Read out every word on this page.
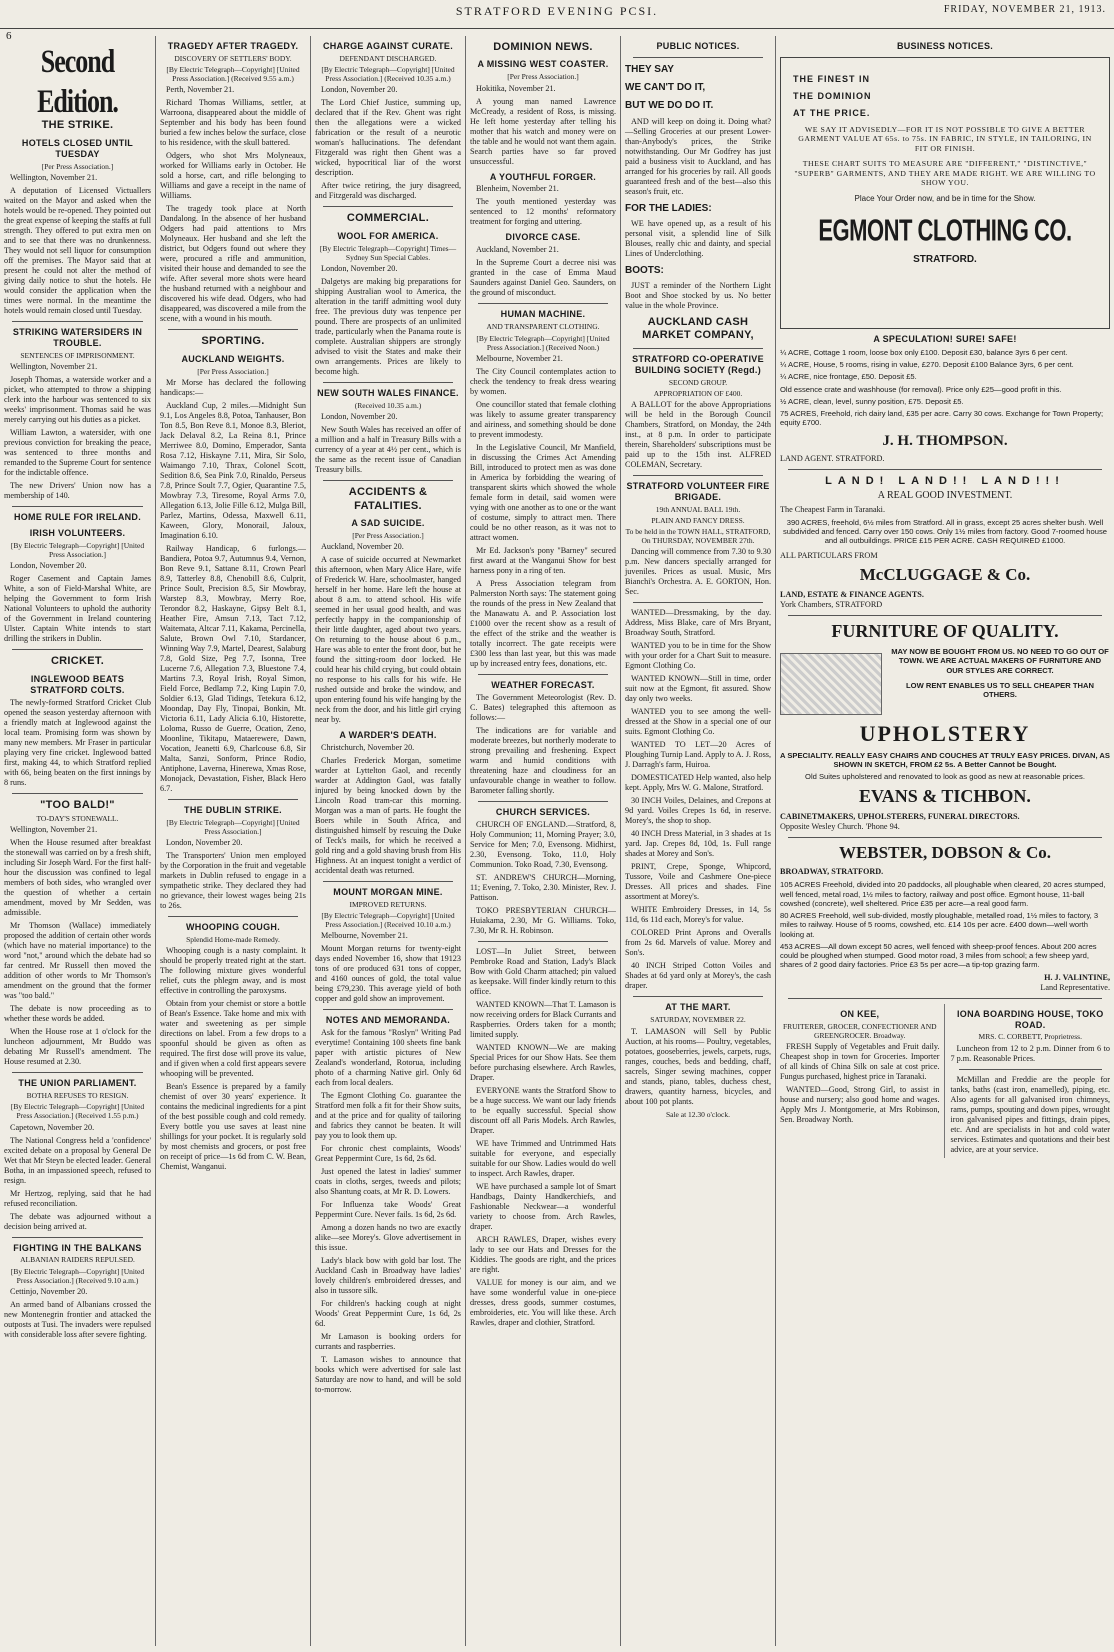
6
STRATFORD EVENING PCSI.	FRIDAY, NOVEMBER 21, 1913.
Second Edition.
THE STRIKE.
HOTELS CLOSED UNTIL TUESDAY
[Per Press Association.]

Wellington, November 21.

A deputation of Licensed Victuallers waited on the Mayor and asked when the hotels would be re-opened. They pointed out the great expense of keeping the staffs at full strength. They offered to put extra men on and to see that there was no drunkenness. They would not sell liquor for consumption off the premises. The Mayor said that at present he could not alter the method of giving daily notice to shut the hotels. He would consider the application when the times were normal. In the meantime the hotels would remain closed until Tuesday.

STRIKING WATERSIDERS IN TROUBLE.
SENTENCES OF IMPRISONMENT.

Wellington, November 21.

Joseph Thomas, a waterside worker and a picket, who attempted to throw a shipping clerk into the harbour was sentenced to six weeks' imprisonment. Thomas said he was merely carrying out his duties as a picket.

William Lawton, a watersider, with one previous conviction for breaking the peace, was sentenced to three months and remanded to the Supreme Court for sentence for the indictable offence.

The new Drivers' Union now has a membership of 140.

HOME RULE FOR IRELAND.
IRISH VOLUNTEERS.
[By Electric Telegraph—Copyright] [United Press Association.]

London, November 20.

Roger Casement and Captain James White, a son of Field-Marshal White, are helping the Government to form Irish National Volunteers to uphold the authority of the Government in Ireland countering Ulster. Captain White intends to start drilling the strikers in Dublin.

CRICKET.
INGLEWOOD BEATS STRATFORD COLTS.

The newly-formed Stratford Cricket Club opened the season yesterday afternoon with a friendly match at Inglewood against the local team. Promising form was shown by many new members. Mr Fraser in particular playing very fine cricket. Inglewood batted first, making 44, to which Stratford replied with 66, being beaten on the first innings by 8 runs.

"TOO BALD!"
TO-DAY'S STONEWALL.

Wellington, November 21.

When the House resumed after breakfast the stonewall was carried on by a fresh shift, including Sir Joseph Ward. For the first half-hour the discussion was confined to legal members of both sides, who wrangled over the question of whether a certain amendment, moved by Mr Sedden, was admissible.

Mr Thomson (Wallace) immediately proposed the addition of certain other words (which have no material importance) to the word "not," around which the debate had so far centred. Mr Russell then moved the addition of other words to Mr Thomson's amendment on the ground that the former was "too bald."

The debate is now proceeding as to whether these words be added.

When the House rose at 1 o'clock for the luncheon adjournment, Mr Buddo was debating Mr Russell's amendment. The House resumed at 2.30.

THE UNION PARLIAMENT.
BOTHA REFUSES TO RESIGN.
[By Electric Telegraph—Copyright] [United Press Association.] (Received 1.55 p.m.)

Capetown, November 20.

The National Congress held a 'confidence' excited debate on a proposal by General De Wet that Mr Steyn be elected leader. General Botha, in an impassioned speech, refused to resign.

Mr Hertzog, replying, said that he had refused reconciliation.

The debate was adjourned without a decision being arrived at.

FIGHTING IN THE BALKANS
ALBANIAN RAIDERS REPULSED.
[By Electric Telegraph—Copyright] [United Press Association.] (Received 9.10 a.m.)

Cettinjo, November 20.

An armed band of Albanians crossed the new Montenegrin frontier and attacked the outposts at Tusi. The invaders were repulsed with considerable loss after severe fighting.

TRAGEDY AFTER TRAGEDY.
DISCOVERY OF SETTLERS' BODY.
[By Electric Telegraph—Copyright] [United Press Association.] (Received 9.55 a.m.)

Perth, November 21.

Richard Thomas Williams, settler, at Warroona, disappeared about the middle of September and his body has been found buried a few inches below the surface, close to his residence, with the skull battered.

Odgers, who shot Mrs Molyneaux, worked for Williams early in October. He sold a horse, cart, and rifle belonging to Williams and gave a receipt in the name of Williams.

The tragedy took place at North Dandalong. In the absence of her husband Odgers had paid attentions to Mrs Molyneaux. Her husband and she left the district, but Odgers found out where they were, procured a rifle and ammunition, visited their house and demanded to see the wife. After several more shots were heard the husband returned with a neighbour and discovered his wife dead. Odgers, who had disappeared, was discovered a mile from the scene, with a wound in his mouth.

SPORTING.
AUCKLAND WEIGHTS.
[Per Press Association.]

Mr Morse has declared the following handicaps:—

Auckland Cup, 2 miles.—Midnight Sun 9.1, Los Angeles 8.8, Potoa, Tanhauser, Bon Ton 8.5, Bon Reve 8.1, Monoe 8.3, Bleriot, Jack Delaval 8.2, La Reina 8.1, Prince Merriwee 8.0, Domino, Emperador, Santa Rosa 7.12, Hiskayne 7.11, Mira, Sir Solo, Waimango 7.10, Thrax, Colonel Scott, Sedition 8.6, Sea Pink 7.0, Rinaldo, Perseus 7.8, Prince Soult 7.7, Ogier, Quarantine 7.5, Mowbray 7.3, Tiresome, Royal Arms 7.0, Allegation 6.13, Jolie Fille 6.12, Mulga Bill, Parlez, Martins, Odessa, Maxwell 6.11, Kaween, Glory, Monorail, Jaloux, Imagination 6.10.

Railway Handicap, 6 furlongs.—Bandiera, Potoa 9.7, Autumnus 9.4, Vernon, Bon Reve 9.1, Sattane 8.11, Crown Pearl 8.9, Tatterley 8.8, Chenobill 8.6, Culprit, Prince Soult, Precision 8.5, Sir Mowbray, Warstep 8.3, Mowbray, Merry Roe, Terondor 8.2, Haskayne, Gipsy Belt 8.1, Heather Fire, Amsun 7.13, Tact 7.12, Waitemata, Altcar 7.11, Kakama, Percinella, Salute, Brown Owl 7.10, Stardancer, Winning Way 7.9, Martel, Dearest, Salaburg 7.8, Gold Size, Peg 7.7, Isonna, Tree Lucerne 7.6, Allegation 7.3, Bluestone 7.4, Martins 7.3, Royal Irish, Royal Simon, Field Force, Bedlamp 7.2, King Lupin 7.0, Soldier 6.13, Glad Tidings, Tetekura 6.12, Moondap, Day Fly, Tinopai, Bonkin, Mt. Victoria 6.11, Lady Alicia 6.10, Historette, Loloma, Russo de Guerre, Ocation, Zeno, Moonline, Tikitapu, Mataerewere, Dawn, Vocation, Jeanetti 6.9, Charlcouse 6.8, Sir Malta, Sanzi, Sonform, Prince Rodio, Antiphone, Laverna, Hinerewa, Xmas Rose, Monojack, Devastation, Fisher, Black Hero 6.7.

THE DUBLIN STRIKE.
[By Electric Telegraph—Copyright] [United Press Association.]

London, November 20.

The Transporters' Union men employed by the Corporation in the fruit and vegetable markets in Dublin refused to engage in a sympathetic strike. They declared they had no grievance, their lowest wages being 21s to 26s.

WHOOPING COUGH.
Splendid Home-made Remedy.

Whooping cough is a nasty complaint. It should be properly treated right at the start. The following mixture gives wonderful relief, cuts the phlegm away, and is most effective in controlling the paroxysms.

Obtain from your chemist or store a bottle of Bean's Essence. Take home and mix with water and sweetening as per simple directions on label. From a few drops to a spoonful should be given as often as required. The first dose will prove its value, and if given when a cold first appears severe whooping will be prevented.

Bean's Essence is prepared by a family chemist of over 30 years' experience. It contains the medicinal ingredients for a pint of the best possible cough and cold remedy. Every bottle you use saves at least nine shillings for your pocket. It is regularly sold by most chemists and grocers, or post free on receipt of price—1s 6d from C. W. Bean, Chemist, Wanganui.

CHARGE AGAINST CURATE.
DEFENDANT DISCHARGED.
[By Electric Telegraph—Copyright] [United Press Association.] (Received 10.35 a.m.)

London, November 20.

The Lord Chief Justice, summing up, declared that if the Rev. Ghent was right then the allegations were a wicked fabrication or the result of a neurotic woman's hallucinations. The defendant Fitzgerald was right then Ghent was a wicked, hypocritical liar of the worst description.

After twice retiring, the jury disagreed, and Fitzgerald was discharged.

COMMERCIAL.
WOOL FOR AMERICA.
[By Electric Telegraph—Copyright] Times—Sydney Sun Special Cables.

London, November 20.

Dalgetys are making big preparations for shipping Australian wool to America, the alteration in the tariff admitting wool duty free. The previous duty was tenpence per pound. There are prospects of an unlimited trade, particularly when the Panama route is complete. Australian shippers are strongly advised to visit the States and make their own arrangements. Prices are likely to become high.

NEW SOUTH WALES FINANCE.
(Received 10.35 a.m.)

London, November 20.

New South Wales has received an offer of a million and a half in Treasury Bills with a currency of a year at 4½ per cent., which is the same as the recent issue of Canadian Treasury bills.

ACCIDENTS & FATALITIES.
A SAD SUICIDE.
[Per Press Association.]

Auckland, November 20.

A case of suicide occurred at Newmarket this afternoon, when Mary Alice Hare, wife of Frederick W. Hare, schoolmaster, hanged herself in her home. Hare left the house at about 8 a.m. to attend school. His wife seemed in her usual good health, and was perfectly happy in the companionship of their little daughter, aged about two years. On returning to the house about 6 p.m., Hare was able to enter the front door, but he found the sitting-room door locked. He could hear his child crying, but could obtain no response to his calls for his wife. He rushed outside and broke the window, and upon entering found his wife hanging by the neck from the door, and his little girl crying near by.

A WARDER'S DEATH.

Christchurch, November 20.

Charles Frederick Morgan, sometime warder at Lyttelton Gaol, and recently warder at Addington Gaol, was fatally injured by being knocked down by the Lincoln Road tram-car this morning. Morgan was a man of parts. He fought the Boers while in South Africa, and distinguished himself by rescuing the Duke of Teck's mails, for which he received a gold ring and a gold shaving brush from His Highness. At an inquest tonight a verdict of accidental death was returned.

MOUNT MORGAN MINE.
IMPROVED RETURNS.
[By Electric Telegraph—Copyright] [United Press Association.] (Received 10.10 a.m.)

Melbourne, November 21.

Mount Morgan returns for twenty-eight days ended November 16, show that 19123 tons of ore produced 631 tons of copper, and 4160 ounces of gold, the total value being £79,230. This average yield of both copper and gold show an improvement.

NOTES AND MEMORANDA.

Ask for the famous "Roslyn" Writing Pad everytime! Containing 100 sheets fine bank paper with artistic pictures of New Zealand's wonderland, Rotorua, including photo of a charming Native girl. Only 6d each from local dealers.

The Egmont Clothing Co. guarantee the Stratford men folk a fit for their Show suits, and at the price and for quality of tailoring and fabrics they cannot be beaten. It will pay you to look them up.

For chronic chest complaints, Woods' Great Peppermint Cure, 1s 6d, 2s 6d.

Just opened the latest in ladies' summer coats in cloths, serges, tweeds and pilots; also Shantung coats, at Mr R. D. Lowers.

For Influenza take Woods' Great Peppermint Cure. Never fails. 1s 6d, 2s 6d.

Among a dozen hands no two are exactly alike—see Morey's. Glove advertisement in this issue.

Lady's black bow with gold bar lost. The Auckland Cash in Broadway have ladies' lovely children's embroidered dresses, and also in tussore silk.

For children's hacking cough at night Woods' Great Peppermint Cure, 1s 6d, 2s 6d.

Mr Lamason is booking orders for currants and raspberries.

T. Lamason wishes to announce that books which were advertised for sale last Saturday are now to hand, and will be sold to-morrow.

DOMINION NEWS.
A MISSING WEST COASTER.
[Per Press Association.]

Hokitika, November 21.

A young man named Lawrence McCready, a resident of Ross, is missing. He left home yesterday after telling his mother that his watch and money were on the table and he would not want them again. Search parties have so far proved unsuccessful.

A YOUTHFUL FORGER.

Blenheim, November 21.

The youth mentioned yesterday was sentenced to 12 months' reformatory treatment for forging and uttering.

DIVORCE CASE.

Auckland, November 21.

In the Supreme Court a decree nisi was granted in the case of Emma Maud Saunders against Daniel Geo. Saunders, on the ground of misconduct.

HUMAN MACHINE.
AND TRANSPARENT CLOTHING.
[By Electric Telegraph—Copyright] [United Press Association.] (Received Noon.)

Melbourne, November 21.

The City Council contemplates action to check the tendency to freak dress wearing by women.

One councillor stated that female clothing was likely to assume greater transparency and airiness, and something should be done to prevent immodesty.

In the Legislative Council, Mr Manfield, in discussing the Crimes Act Amending Bill, introduced to protect men as was done in America by forbidding the wearing of transparent skirts which showed the whole female form in detail, said women were vying with one another as to one or the want of costume, simply to attract men. There could be no other reason, as it was not to attract women.

Mr Ed. Jackson's pony "Barney" secured first award at the Wanganui Show for best harness pony in a ring of ten.

A Press Association telegram from Palmerston North says: The statement going the rounds of the press in New Zealand that the Manawatu A. and P. Association lost £1000 over the recent show as a result of the effect of the strike and the weather is totally incorrect. The gate receipts were £300 less than last year, but this was made up by increased entry fees, donations, etc.

WEATHER FORECAST.

The Government Meteorologist (Rev. D. C. Bates) telegraphed this afternoon as follows:—

The indications are for variable and moderate breezes, but northerly moderate to strong prevailing and freshening. Expect warm and humid conditions with threatening haze and cloudiness for an unfavourable change in weather to follow. Barometer falling shortly.

CHURCH SERVICES.

CHURCH OF ENGLAND.—Stratford, 8, Holy Communion; 11, Morning Prayer; 3.0, Service for Men; 7.0, Evensong. Midhirst, 2.30, Evensong. Toko, 11.0, Holy Communion. Toko Road, 7.30, Evensong.

ST. ANDREW'S CHURCH—Morning, 11; Evening, 7. Toko, 2.30. Minister, Rev. J. Pattison.

TOKO PRESBYTERIAN CHURCH—Huiakama, 2.30, Mr G. Williams. Toko, 7.30, Mr R. H. Robinson.

LOST—In Juliet Street, between Pembroke Road and Station, Lady's Black Bow with Gold Charm attached; pin valued as keepsake. Will finder kindly return to this office.

WANTED KNOWN—That T. Lamason is now receiving orders for Black Currants and Raspberries. Orders taken for a month; limited supply.

WANTED KNOWN—We are making Special Prices for our Show Hats. See them before purchasing elsewhere. Arch Rawles, Draper.

EVERYONE wants the Stratford Show to be a huge success. We want our lady friends to be equally successful. Special show discount off all Paris Models. Arch Rawles, Draper.

WE have Trimmed and Untrimmed Hats suitable for everyone, and especially suitable for our Show. Ladies would do well to inspect. Arch Rawles, draper.

WE have purchased a sample lot of Smart Handbags, Dainty Handkerchiefs, and Fashionable Neckwear—a wonderful variety to choose from. Arch Rawles, draper.

ARCH RAWLES, Draper, wishes every lady to see our Hats and Dresses for the Kiddies. The goods are right, and the prices are right.

VALUE for money is our aim, and we have some wonderful value in one-piece dresses, dress goods, summer costumes, embroideries, etc. You will like these. Arch Rawles, draper and clothier, Stratford.

PUBLIC NOTICES.
THEY SAY
WE CAN'T DO IT,
BUT WE DO DO IT.

AND will keep on doing it. Doing what?—Selling Groceries at our present Lower-than-Anybody's prices, the Strike notwithstanding. Our Mr Godfrey has just paid a business visit to Auckland, and has arranged for his groceries by rail. All goods guaranteed fresh and of the best—also this season's fruit, etc.

FOR THE LADIES:

WE have opened up, as a result of his personal visit, a splendid line of Silk Blouses, really chic and dainty, and special Lines of Underclothing.

BOOTS:

JUST a reminder of the Northern Light Boot and Shoe stocked by us. No better value in the whole Province.

AUCKLAND CASH MARKET COMPANY,
STRATFORD CO-OPERATIVE BUILDING SOCIETY (Regd.)
SECOND GROUP.
APPROPRIATION OF £400.

A BALLOT for the above Appropriations will be held in the Borough Council Chambers, Stratford, on Monday, the 24th inst., at 8 p.m. In order to participate therein, Shareholders' subscriptions must be paid up to the 15th inst. ALFRED COLEMAN, Secretary.

STRATFORD VOLUNTEER FIRE BRIGADE.
19th ANNUAL BALL 19th.
PLAIN AND FANCY DRESS.
To be held in the TOWN HALL, STRATFORD, On THURSDAY, NOVEMBER 27th.

Dancing will commence from 7.30 to 9.30 p.m. New dancers specially arranged for juveniles. Prices as usual. Music, Mrs Bianchi's Orchestra. A. E. GORTON, Hon. Sec.

WANTED—Dressmaking, by the day. Address, Miss Blake, care of Mrs Bryant, Broadway South, Stratford.

WANTED you to be in time for the Show with your order for a Chart Suit to measure. Egmont Clothing Co.

WANTED KNOWN—Still in time, order suit now at the Egmont, fit assured. Show day only two weeks.

WANTED you to see among the well-dressed at the Show in a special one of our suits. Egmont Clothing Co.

WANTED TO LET—20 Acres of Ploughing Turnip Land. Apply to A. J. Ross, J. Darragh's farm, Huiroa.

DOMESTICATED Help wanted, also help kept. Apply, Mrs W. G. Malone, Stratford.

30 INCH Voiles, Delaines, and Crepons at 9d yard. Voiles Crepes 1s 6d, in reserve. Morey's, the shop to shop.

40 INCH Dress Material, in 3 shades at 1s yard. Jap. Crepes 8d, 10d, 1s. Full range shades at Morey and Son's.

PRINT, Crepe, Sponge, Whipcord, Tussore, Voile and Cashmere One-piece Dresses. All prices and shades. Fine assortment at Morey's.

WHITE Embroidery Dresses, in 14, 5s 11d, 6s 11d each, Morey's for value.

COLORED Print Aprons and Overalls from 2s 6d. Marvels of value. Morey and Son's.

40 INCH Striped Cotton Voiles and Shades at 6d yard only at Morey's, the cash draper.

AT THE MART.
SATURDAY, NOVEMBER 22.

T. LAMASON will Sell by Public Auction, at his rooms— Poultry, vegetables, potatoes, gooseberries, jewels, carpets, rugs, ranges, couches, beds and bedding, chaff, sacrels, Singer sewing machines, copper and stands, piano, tables, duchess chest, drawers, quantity harness, bicycles, and about 100 pot plants.

Sale at 12.30 o'clock.
BUSINESS NOTICES.
THE FINEST IN
THE DOMINION
AT THE PRICE.
WE SAY IT ADVISEDLY—FOR IT IS NOT POSSIBLE TO GIVE A BETTER GARMENT VALUE AT 65s. to 75s. IN FABRIC, IN STYLE, IN TAILORING, IN FIT OR FINISH.
THESE CHART SUITS TO MEASURE ARE "DIFFERENT," "DISTINCTIVE," "SUPERB" GARMENTS, AND THEY ARE MADE RIGHT. WE ARE WILLING TO SHOW YOU.
Place Your Order now, and be in time for the Show.
EGMONT CLOTHING CO.
STRATFORD.
A SPECULATION! SURE! SAFE!
¼ ACRE, Cottage 1 room, loose box only £100. Deposit £30, balance 3yrs 6 per cent.
¼ ACRE, House, 5 rooms, rising in value, £270. Deposit £100 Balance 3yrs, 6 per cent.
¼ ACRE, nice frontage, £50. Deposit £5.
Old essence crate and washhouse (for removal). Price only £25—good profit in this.
½ ACRE, clean, level, sunny position, £75. Deposit £5.
75 ACRES, Freehold, rich dairy land, £35 per acre. Carry 30 cows. Exchange for Town Property; equity £700.
J. H. THOMPSON.
LAND AGENT. STRATFORD.
LAND! LAND!! LAND!!!
A REAL GOOD INVESTMENT.
The Cheapest Farm in Taranaki.
390 ACRES, freehold, 6½ miles from Stratford. All in grass, except 25 acres shelter bush. Well subdivided and fenced. Carry over 150 cows. Only 1½ miles from factory. Good 7-roomed house and all outbuildings. PRICE £15 PER ACRE. CASH REQUIRED £1000.
ALL PARTICULARS FROM
McCLUGGAGE & Co.
LAND, ESTATE & FINANCE AGENTS.
York Chambers, STRATFORD
FURNITURE OF QUALITY.
MAY NOW BE BOUGHT FROM US. NO NEED TO GO OUT OF TOWN. WE ARE ACTUAL MAKERS OF FURNITURE AND OUR STYLES ARE CORRECT.
LOW RENT ENABLES US TO SELL CHEAPER THAN OTHERS.
UPHOLSTERY
A SPECIALITY. REALLY EASY CHAIRS AND COUCHES AT TRULY EASY PRICES. DIVAN, AS SHOWN IN SKETCH, FROM £2 5s. A Better Cannot be Bought.
Old Suites upholstered and renovated to look as good as new at reasonable prices.
EVANS & TICHBON.
CABINETMAKERS, UPHOLSTERERS, FUNERAL DIRECTORS.
Opposite Wesley Church. 'Phone 94.
WEBSTER, DOBSON & Co.
BROADWAY, STRATFORD.
105 ACRES Freehold, divided into 20 paddocks, all ploughable when cleared, 20 acres stumped, well fenced, metal road, 1½ miles to factory, railway and post office. Egmont house, 11-ball cowshed (concrete), well sheltered. Price £35 per acre—a real good farm.
80 ACRES Freehold, well sub-divided, mostly ploughable, metalled road, 1½ miles to factory, 3 miles to railway. House of 5 rooms, cowshed, etc. £14 10s per acre. £400 down—well worth looking at.
453 ACRES—All down except 50 acres, well fenced with sheep-proof fences. About 200 acres could be ploughed when stumped. Good motor road, 3 miles from school; a few sheep yard, shares of 2 good dairy factories. Price £3 5s per acre—a tip-top grazing farm.
H. J. VALINTINE,
Land Representative.
ON KEE,
FRUITERER, GROCER, CONFECTIONER AND GREENGROCER. Broadway.

FRESH Supply of Vegetables and Fruit daily. Cheapest shop in town for Groceries. Importer of all kinds of China Silk on sale at cost price. Fungus purchased, highest price in Taranaki.

WANTED—Good, Strong Girl, to assist in house and nursery; also good home and wages. Apply Mrs J. Montgomerie, at Mrs Robinson, Sen. Broadway North.

IONA BOARDING HOUSE, TOKO ROAD.
MRS. C. CORBETT, Proprietress.

Luncheon from 12 to 2 p.m. Dinner from 6 to 7 p.m. Reasonable Prices.

McMillan and Freddie are the people for tanks, baths (cast iron, enamelled), piping, etc. Also agents for all galvanised iron chimneys, rams, pumps, spouting and down pipes, wrought iron galvanised pipes and fittings, drain pipes, etc. And are specialists in hot and cold water services. Estimates and quotations and their best advice, are at your service.
